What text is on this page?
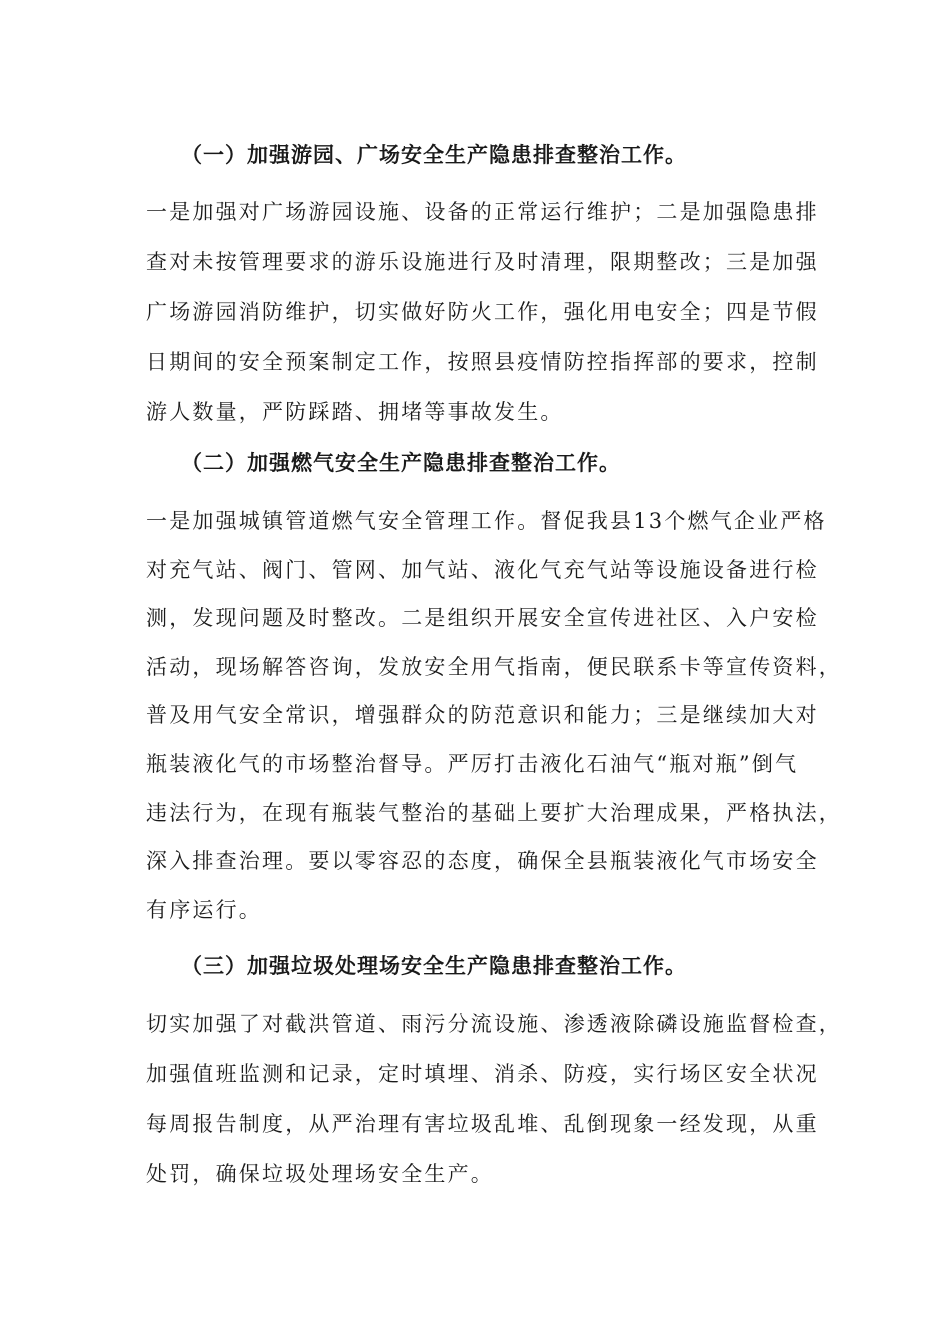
（一）加强游园、广场安全生产隐患排查整治工作。
一是加强对广场游园设施、设备的正常运行维护；二是加强隐患排
查对未按管理要求的游乐设施进行及时清理，限期整改；三是加强
广场游园消防维护，切实做好防火工作，强化用电安全；四是节假
日期间的安全预案制定工作，按照县疫情防控指挥部的要求，控制
游人数量，严防踩踏、拥堵等事故发生。
（二）加强燃气安全生产隐患排查整治工作。
一是加强城镇管道燃气安全管理工作。督促我县13个燃气企业严格
对充气站、阀门、管网、加气站、液化气充气站等设施设备进行检
测，发现问题及时整改。二是组织开展安全宣传进社区、入户安检
活动，现场解答咨询，发放安全用气指南，便民联系卡等宣传资料，
普及用气安全常识，增强群众的防范意识和能力；三是继续加大对
瓶装液化气的市场整治督导。严厉打击液化石油气“瓶对瓶”倒气
违法行为，在现有瓶装气整治的基础上要扩大治理成果，严格执法，
深入排查治理。要以零容忍的态度，确保全县瓶装液化气市场安全
有序运行。
（三）加强垃圾处理场安全生产隐患排查整治工作。
切实加强了对截洪管道、雨污分流设施、渗透液除磷设施监督检查，
加强值班监测和记录，定时填埋、消杀、防疫，实行场区安全状况
每周报告制度，从严治理有害垃圾乱堆、乱倒现象一经发现，从重
处罚，确保垃圾处理场安全生产。
